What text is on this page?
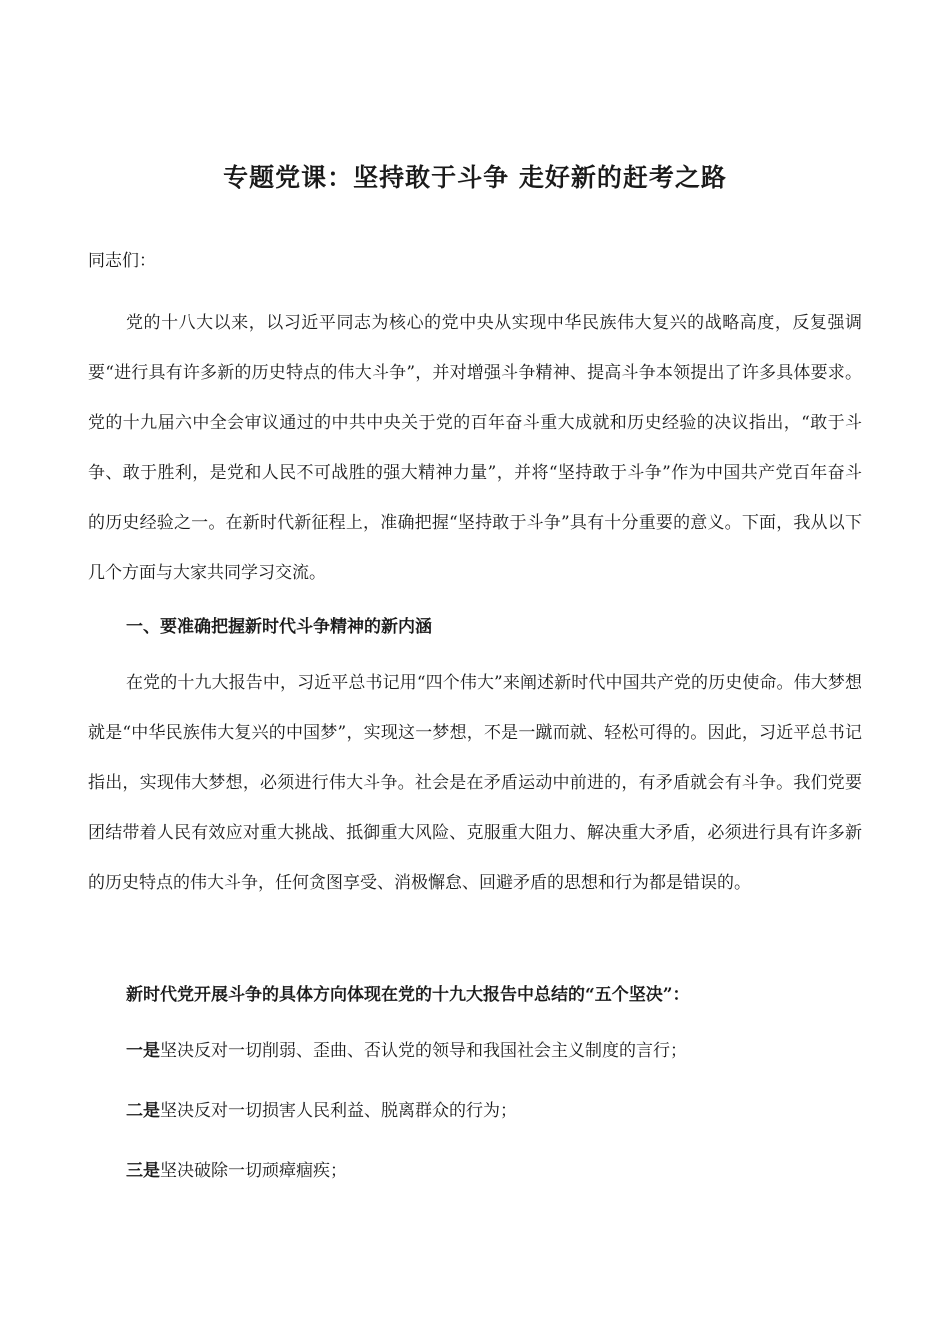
专题党课：坚持敢于斗争 走好新的赶考之路
同志们：

党的十八大以来，以习近平同志为核心的党中央从实现中华民族伟大复兴的战略高度，反复强调要“进行具有许多新的历史特点的伟大斗争”，并对增强斗争精神、提高斗争本领提出了许多具体要求。党的十九届六中全会审议通过的中共中央关于党的百年奋斗重大成就和历史经验的决议指出，“敢于斗争、敢于胜利，是党和人民不可战胜的强大精神力量”，并将“坚持敢于斗争”作为中国共产党百年奋斗的历史经验之一。在新时代新征程上，准确把握“坚持敢于斗争”具有十分重要的意义。下面，我从以下几个方面与大家共同学习交流。

一、要准确把握新时代斗争精神的新内涵

在党的十九大报告中，习近平总书记用“四个伟大”来阐述新时代中国共产党的历史使命。伟大梦想就是“中华民族伟大复兴的中国梦”，实现这一梦想，不是一蹴而就、轻松可得的。因此，习近平总书记指出，实现伟大梦想，必须进行伟大斗争。社会是在矛盾运动中前进的，有矛盾就会有斗争。我们党要团结带着人民有效应对重大挑战、抵御重大风险、克服重大阻力、解决重大矛盾，必须进行具有许多新的历史特点的伟大斗争，任何贪图享受、消极懈怠、回避矛盾的思想和行为都是错误的。

新时代党开展斗争的具体方向体现在党的十九大报告中总结的“五个坚决”：
一是坚决反对一切削弱、歪曲、否认党的领导和我国社会主义制度的言行；
二是坚决反对一切损害人民利益、脱离群众的行为；
三是坚决破除一切顽瘴痼疾；
